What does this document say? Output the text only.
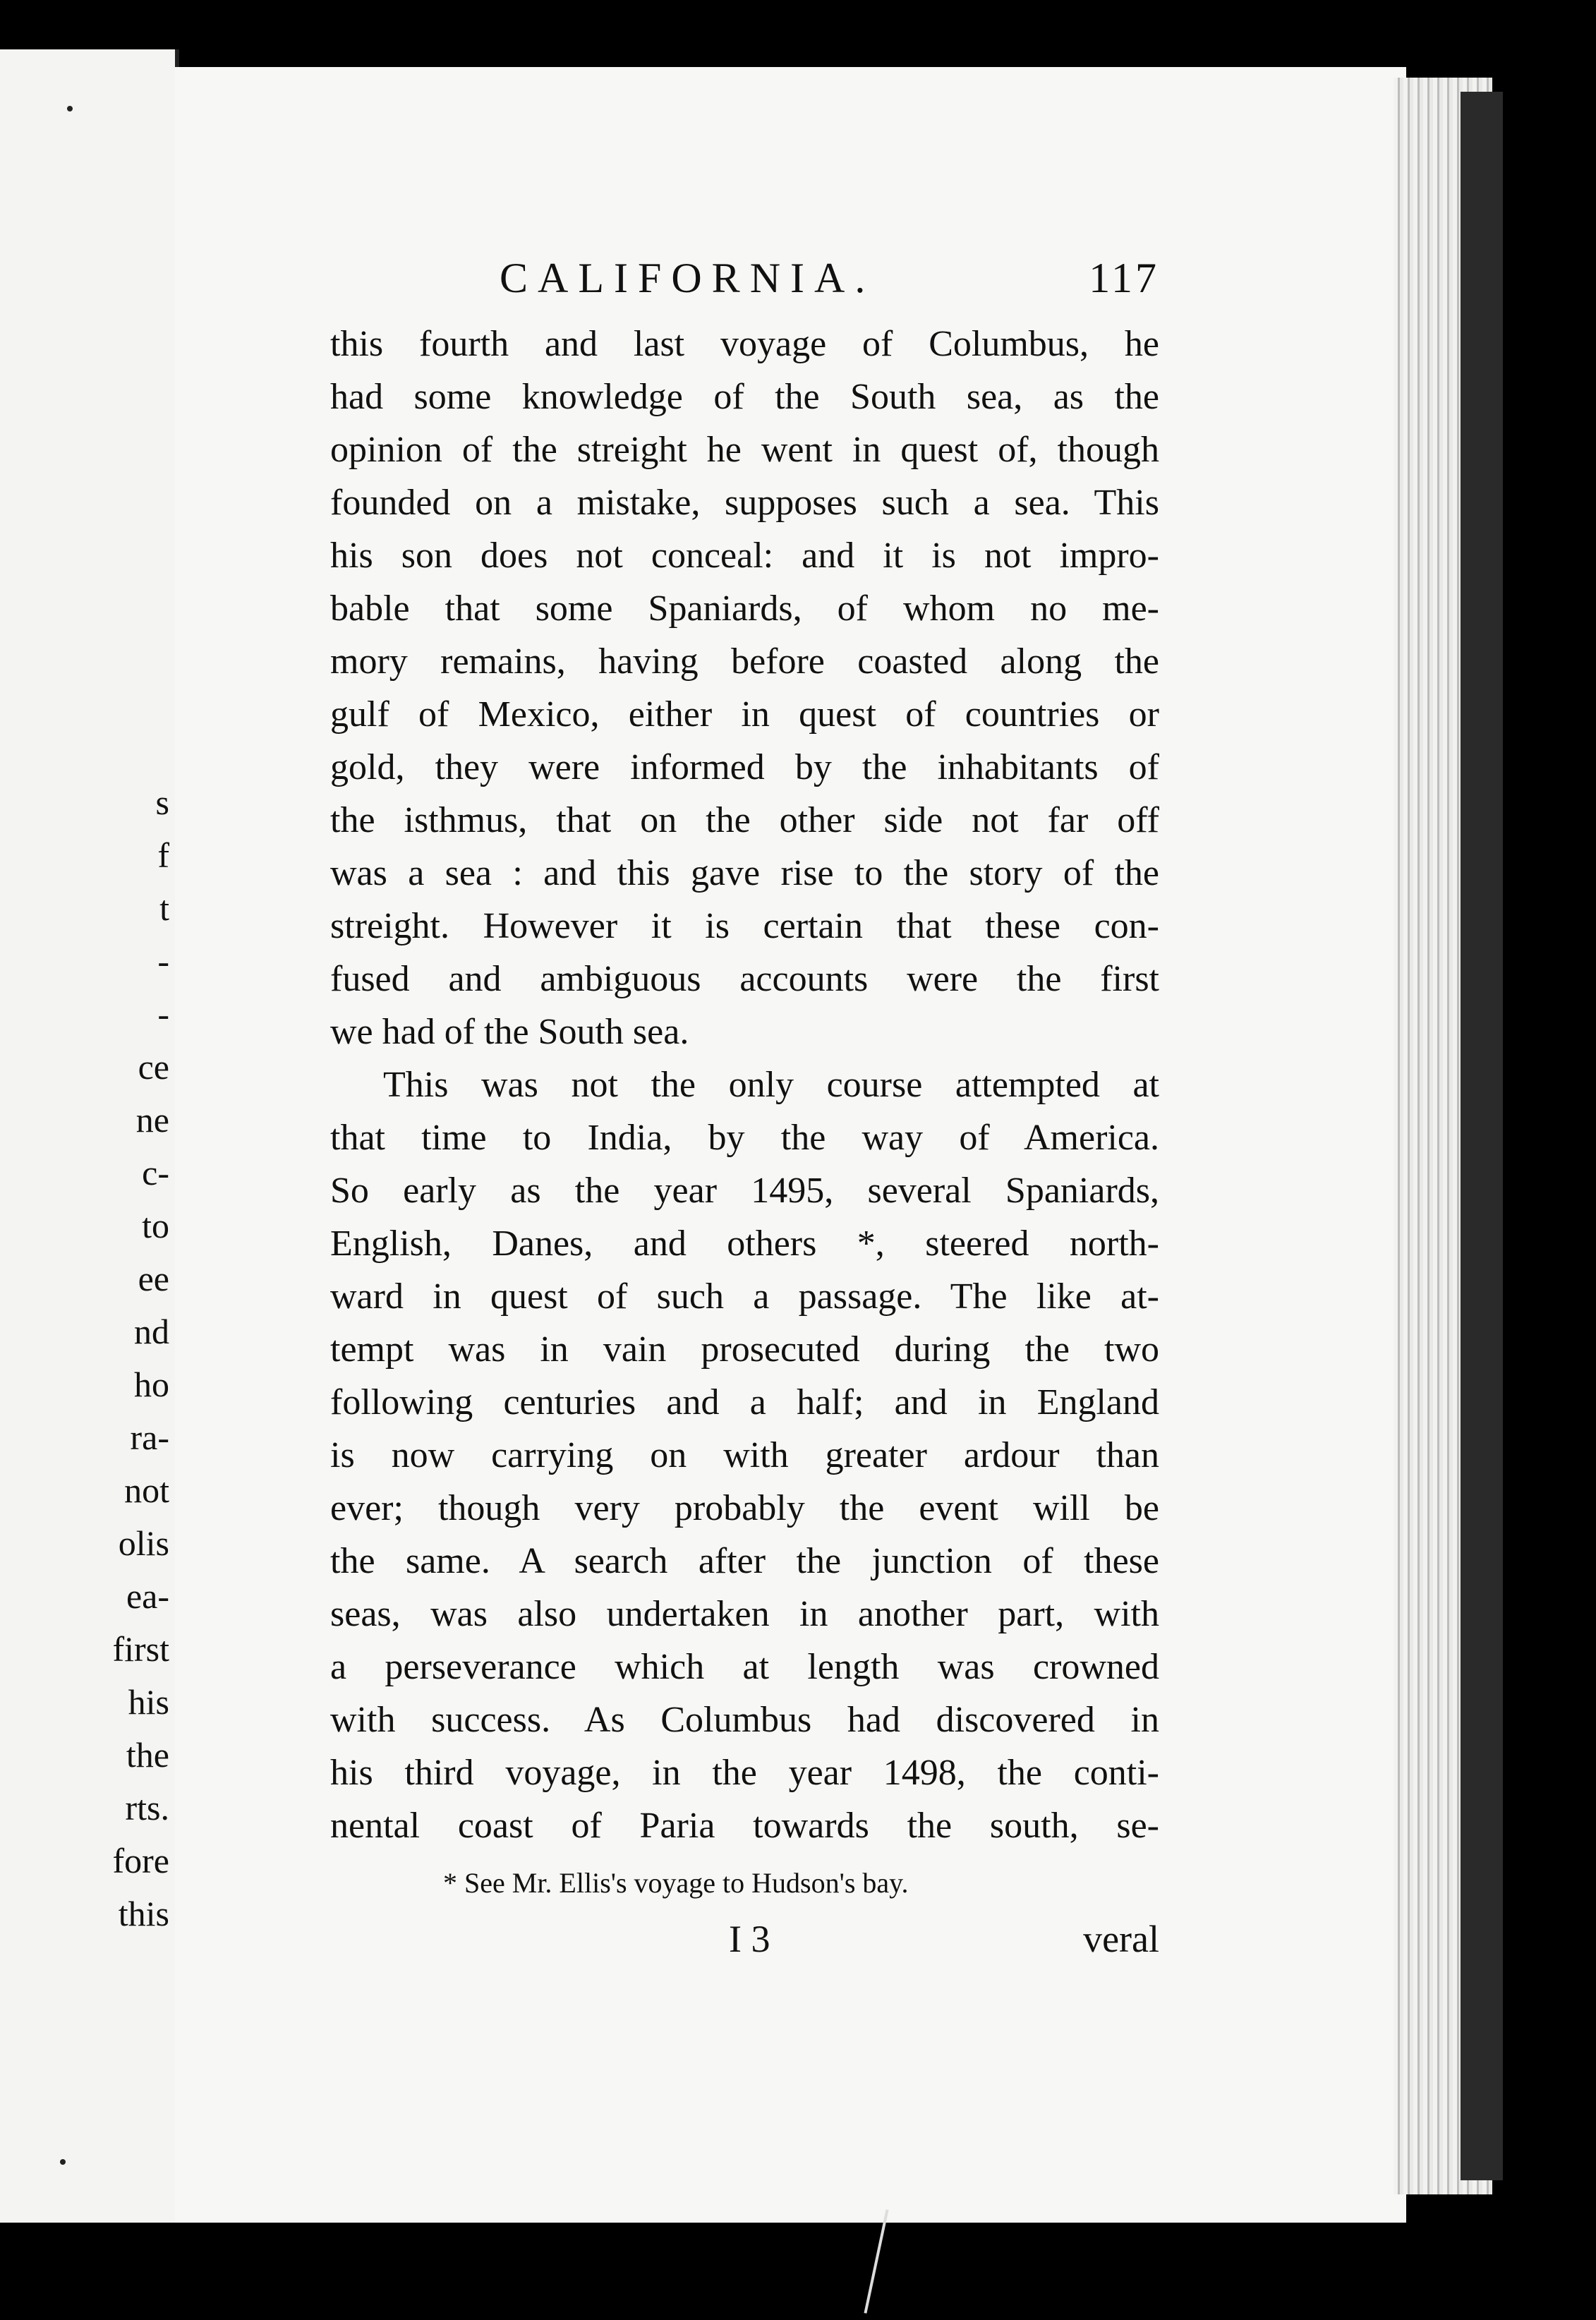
s
f
t
-
-
ce
ne
c-
to
ee
nd
ho
ra-
not
olis
ea-
first
his
the
rts.
fore
this
CALIFORNIA.	117
this fourth and last voyage of Columbus, he
had some knowledge of the South sea, as the
opinion of the streight he went in quest of, though
founded on a mistake, supposes such a sea. This
his son does not conceal: and it is not impro-
bable that some Spaniards, of whom no me-
mory remains, having before coasted along the
gulf of Mexico, either in quest of countries or
gold, they were informed by the inhabitants of
the isthmus, that on the other side not far off
was a sea : and this gave rise to the story of the
streight. However it is certain that these con-
fused and ambiguous accounts were the first
we had of the South sea.
This was not the only course attempted at
that time to India, by the way of America.
So early as the year 1495, several Spaniards,
English, Danes, and others *, steered north-
ward in quest of such a passage. The like at-
tempt was in vain prosecuted during the two
following centuries and a half; and in England
is now carrying on with greater ardour than
ever; though very probably the event will be
the same. A search after the junction of these
seas, was also undertaken in another part, with
a perseverance which at length was crowned
with success. As Columbus had discovered in
his third voyage, in the year 1498, the conti-
nental coast of Paria towards the south, se-
* See Mr. Ellis's voyage to Hudson's bay.
I 3	veral
